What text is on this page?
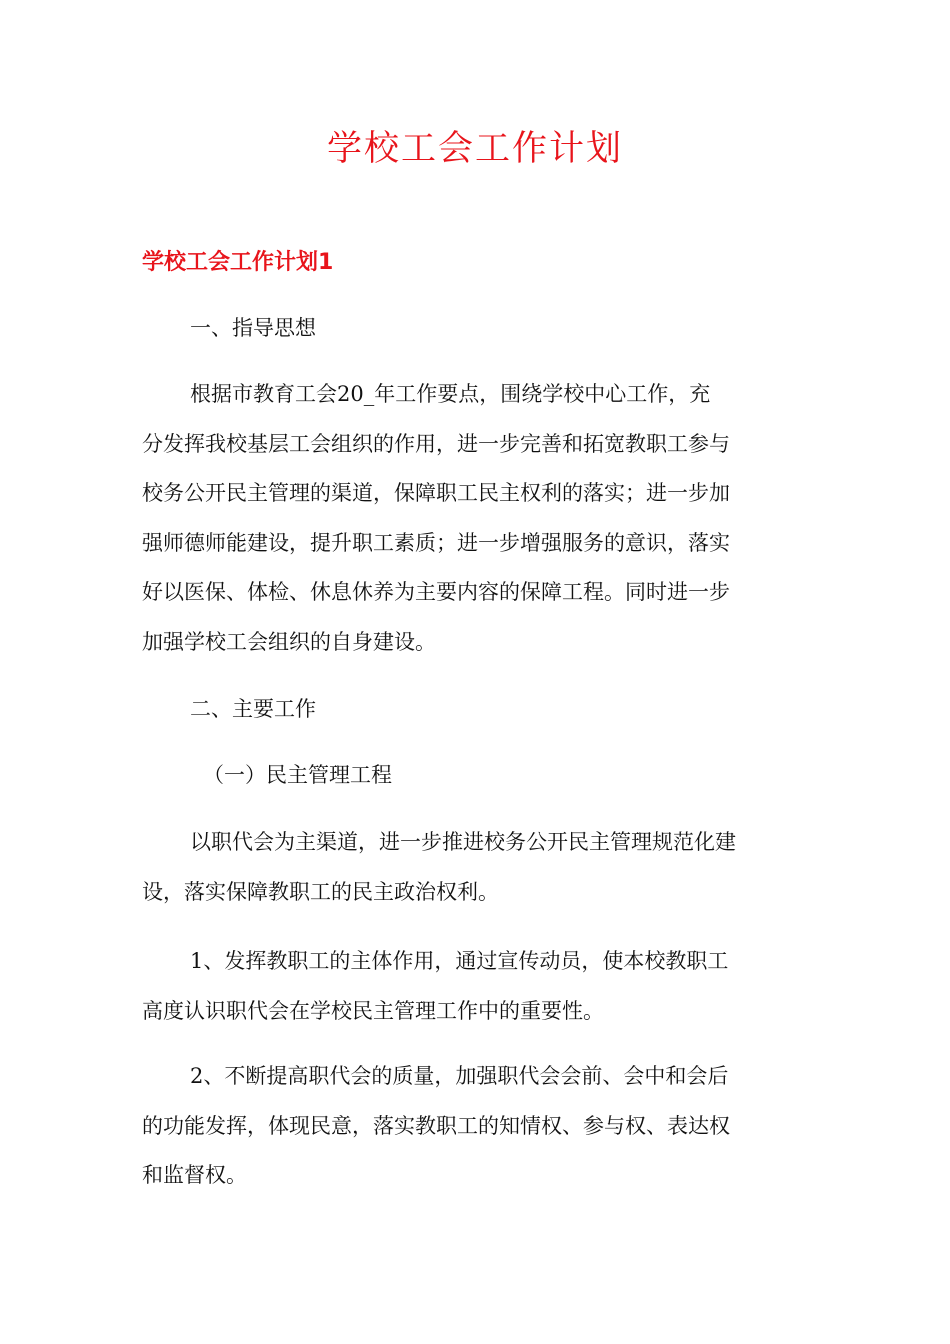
学校工会工作计划
学校工会工作计划1
一、指导思想
根据市教育工会20_年工作要点，围绕学校中心工作，充
分发挥我校基层工会组织的作用，进一步完善和拓宽教职工参与
校务公开民主管理的渠道，保障职工民主权利的落实；进一步加
强师德师能建设，提升职工素质；进一步增强服务的意识，落实
好以医保、体检、休息休养为主要内容的保障工程。同时进一步
加强学校工会组织的自身建设。
二、主要工作
（一）民主管理工程
以职代会为主渠道，进一步推进校务公开民主管理规范化建
设，落实保障教职工的民主政治权利。
1、发挥教职工的主体作用，通过宣传动员，使本校教职工
高度认识职代会在学校民主管理工作中的重要性。
2、不断提高职代会的质量，加强职代会会前、会中和会后
的功能发挥，体现民意，落实教职工的知情权、参与权、表达权
和监督权。
